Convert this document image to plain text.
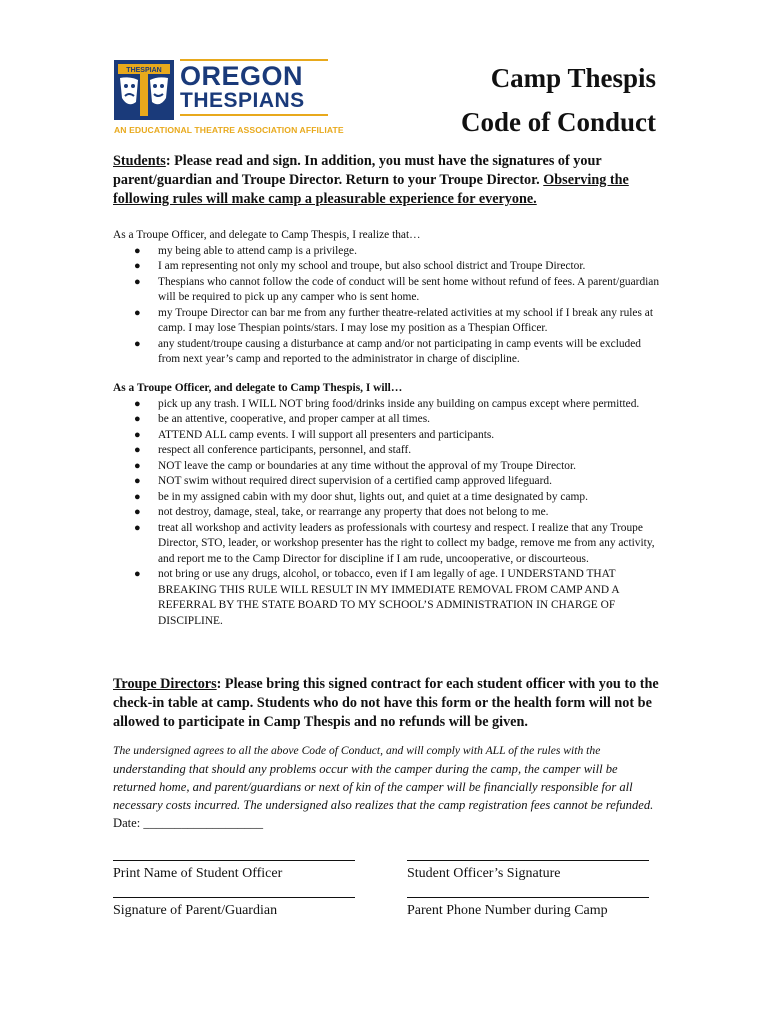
THESPIAN OREGON
THESPIANS
AN EDUCATIONAL THEATRE ASSOCIATION AFFILIATE
Camp Thespis
Code of Conduct
Students: Please read and sign. In addition, you must have the signatures of your parent/guardian and Troupe Director. Return to your Troupe Director. Observing the following rules will make camp a pleasurable experience for everyone.

As a Troupe Officer, and delegate to Camp Thespis, I realize that…

● my being able to attend camp is a privilege.
● I am representing not only my school and troupe, but also school district and Troupe Director.
● Thespians who cannot follow the code of conduct will be sent home without refund of fees. A parent/guardian will be required to pick up any camper who is sent home.
● my Troupe Director can bar me from any further theatre-related activities at my school if I break any rules at camp. I may lose Thespian points/stars. I may lose my position as a Thespian Officer.
● any student/troupe causing a disturbance at camp and/or not participating in camp events will be excluded from next year’s camp and reported to the administrator in charge of discipline.

As a Troupe Officer, and delegate to Camp Thespis, I will…

● pick up any trash. I WILL NOT bring food/drinks inside any building on campus except where permitted.
● be an attentive, cooperative, and proper camper at all times.
● ATTEND ALL camp events. I will support all presenters and participants.
● respect all conference participants, personnel, and staff.
● NOT leave the camp or boundaries at any time without the approval of my Troupe Director.
● NOT swim without required direct supervision of a certified camp approved lifeguard.
● be in my assigned cabin with my door shut, lights out, and quiet at a time designated by camp.
● not destroy, damage, steal, take, or rearrange any property that does not belong to me.
● treat all workshop and activity leaders as professionals with courtesy and respect. I realize that any Troupe Director, STO, leader, or workshop presenter has the right to collect my badge, remove me from any activity, and report me to the Camp Director for discipline if I am rude, uncooperative, or discourteous.
● not bring or use any drugs, alcohol, or tobacco, even if I am legally of age. I UNDERSTAND THAT BREAKING THIS RULE WILL RESULT IN MY IMMEDIATE REMOVAL FROM CAMP AND A REFERRAL BY THE STATE BOARD TO MY SCHOOL’S ADMINISTRATION IN CHARGE OF DISCIPLINE.
Troupe Directors: Please bring this signed contract for each student officer with you to the check-in table at camp. Students who do not have this form or the health form will not be allowed to participate in Camp Thespis and no refunds will be given.
The undersigned agrees to all the above Code of Conduct, and will comply with ALL of the rules with the understanding that should any problems occur with the camper during the camp, the camper will be returned home, and parent/guardians or next of kin of the camper will be financially responsible for all necessary costs incurred. The undersigned also realizes that the camp registration fees cannot be refunded.
Date: ___________________
Print Name of Student Officer	Student Officer’s Signature
Signature of Parent/Guardian	Parent Phone Number during Camp
